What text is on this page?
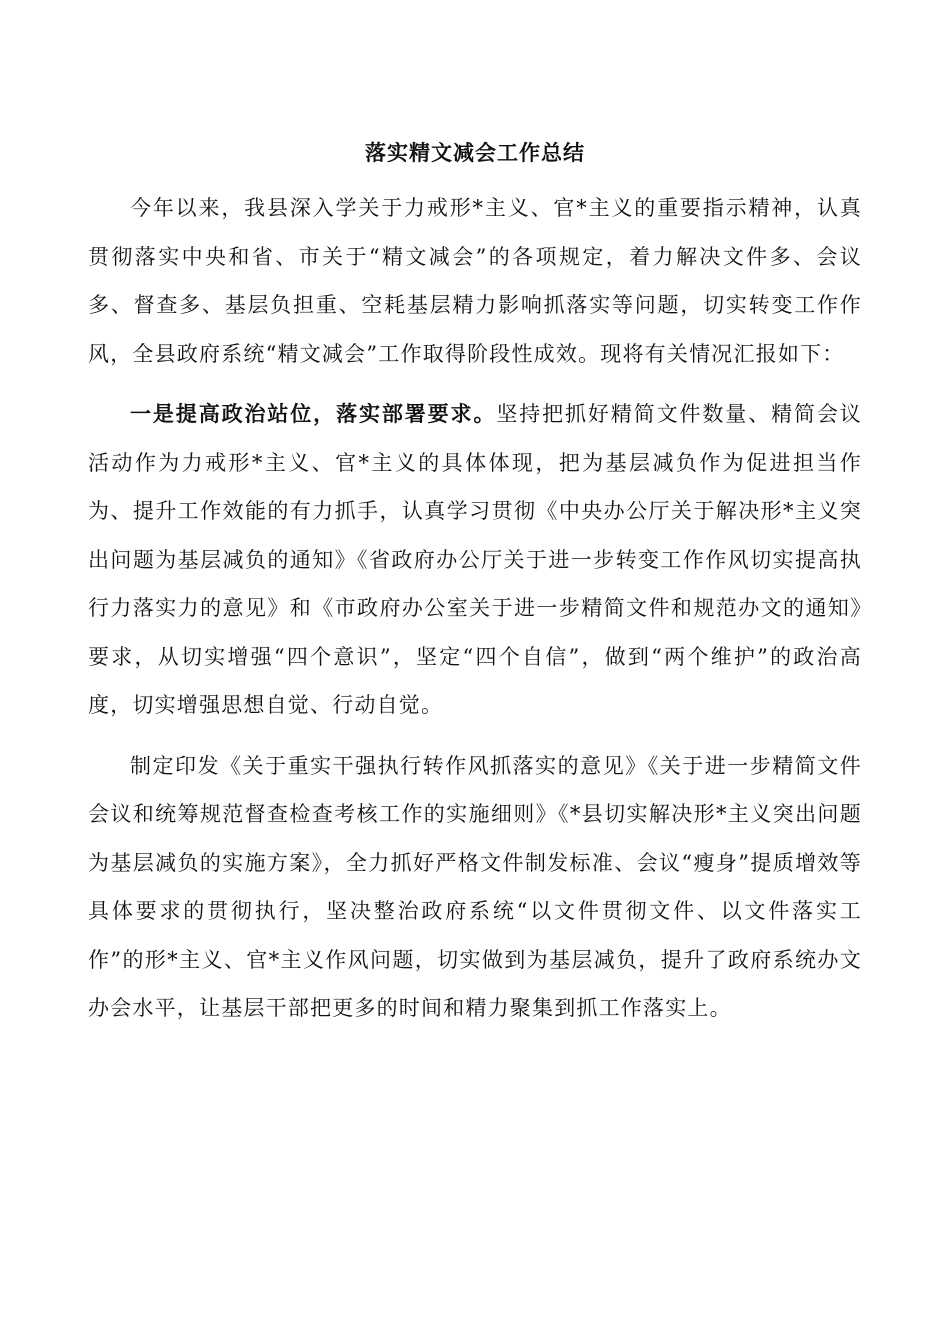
落实精文减会工作总结

今年以来，我县深入学关于力戒形*主义、官*主义的重要指示精神，认真贯彻落实中央和省、市关于“精文减会”的各项规定，着力解决文件多、会议多、督查多、基层负担重、空耗基层精力影响抓落实等问题，切实转变工作作风，全县政府系统“精文减会”工作取得阶段性成效。现将有关情况汇报如下：

一是提高政治站位，落实部署要求。坚持把抓好精简文件数量、精简会议活动作为力戒形*主义、官*主义的具体体现，把为基层减负作为促进担当作为、提升工作效能的有力抓手，认真学习贯彻《中央办公厅关于解决形*主义突出问题为基层减负的通知》《省政府办公厅关于进一步转变工作作风切实提高执行力落实力的意见》和《市政府办公室关于进一步精简文件和规范办文的通知》要求，从切实增强“四个意识”，坚定“四个自信”，做到“两个维护”的政治高度，切实增强思想自觉、行动自觉。

制定印发《关于重实干强执行转作风抓落实的意见》《关于进一步精简文件会议和统筹规范督查检查考核工作的实施细则》《*县切实解决形*主义突出问题为基层减负的实施方案》，全力抓好严格文件制发标准、会议“瘦身”提质增效等具体要求的贯彻执行，坚决整治政府系统“以文件贯彻文件、以文件落实工作”的形*主义、官*主义作风问题，切实做到为基层减负，提升了政府系统办文办会水平，让基层干部把更多的时间和精力聚集到抓工作落实上。
